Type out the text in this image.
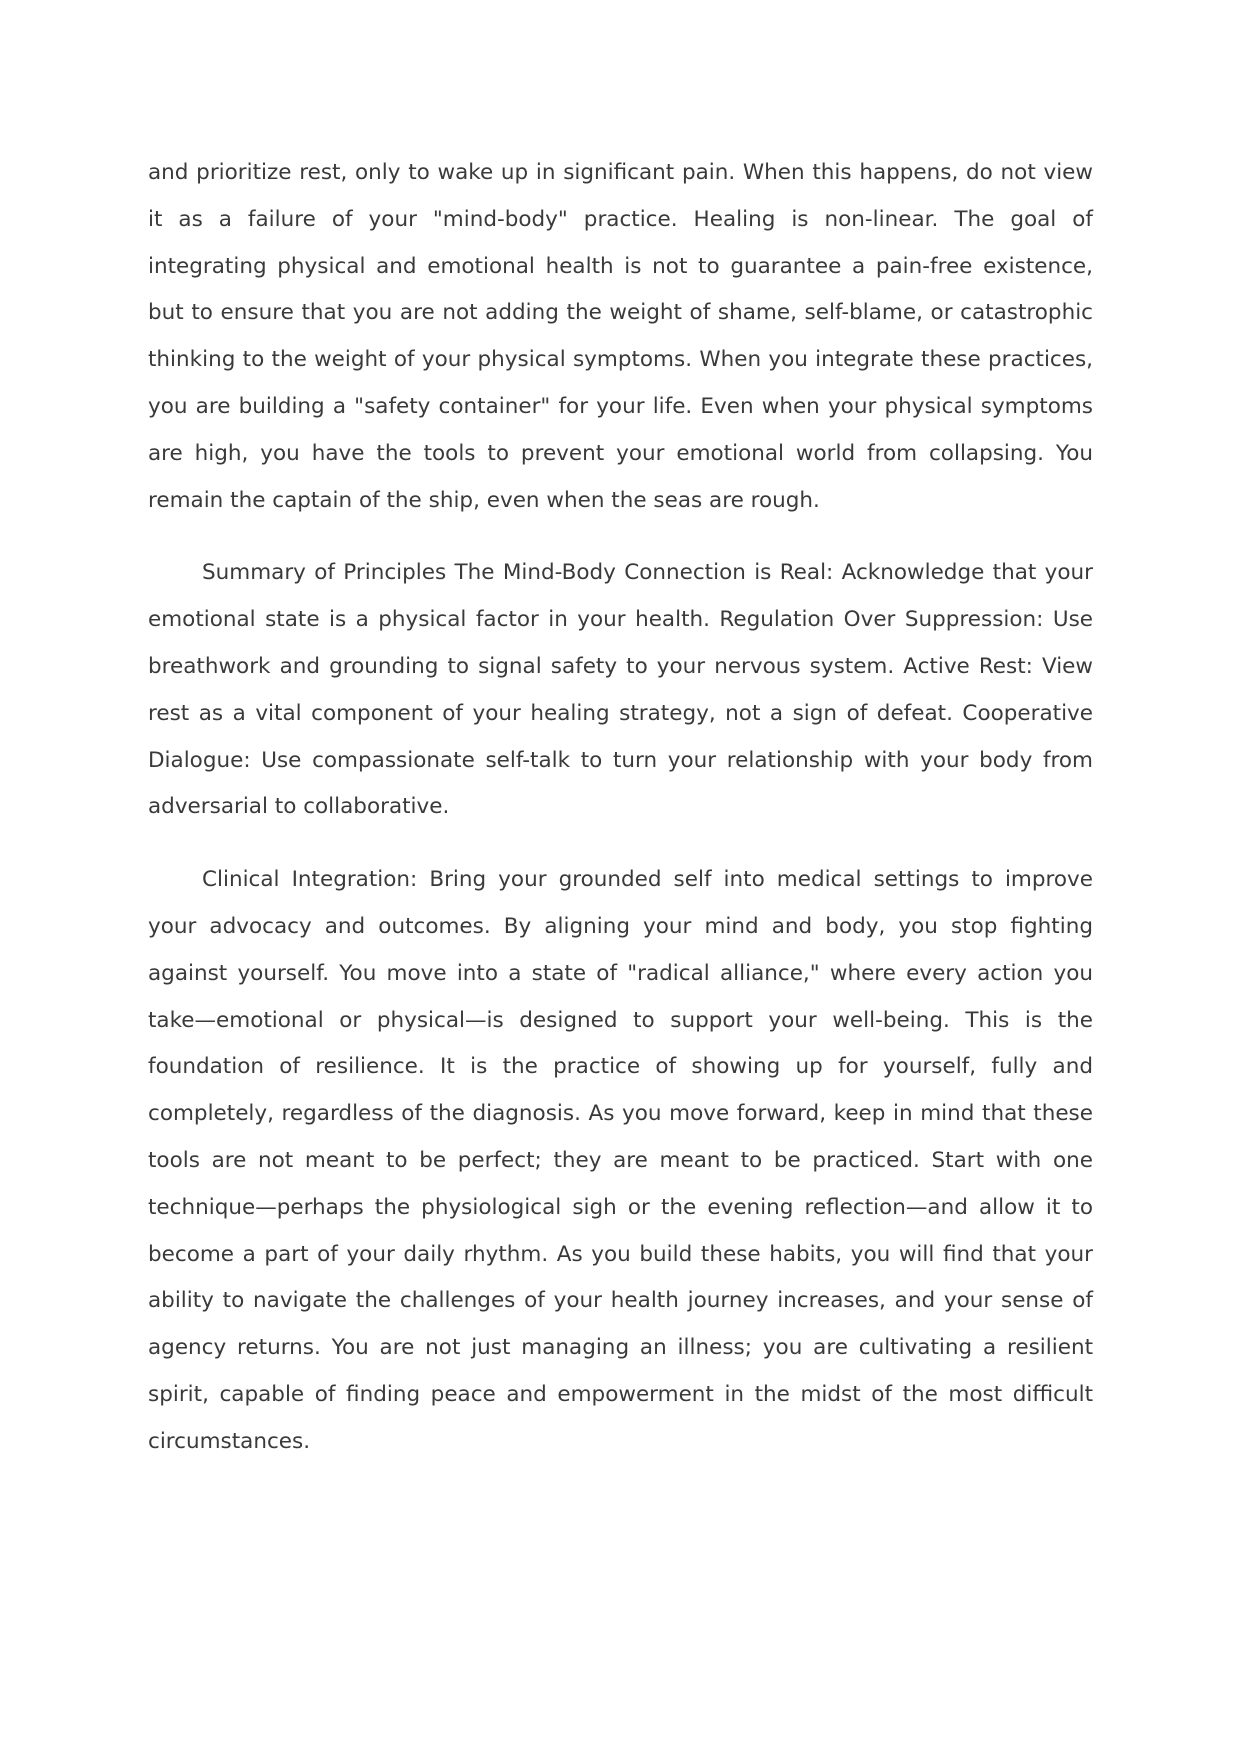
and prioritize rest, only to wake up in significant pain. When this happens, do not view it as a failure of your "mind-body" practice. Healing is non-linear. The goal of integrating physical and emotional health is not to guarantee a pain-free existence, but to ensure that you are not adding the weight of shame, self-blame, or catastrophic thinking to the weight of your physical symptoms. When you integrate these practices, you are building a "safety container" for your life. Even when your physical symptoms are high, you have the tools to prevent your emotional world from collapsing. You remain the captain of the ship, even when the seas are rough.

Summary of Principles The Mind-Body Connection is Real: Acknowledge that your emotional state is a physical factor in your health. Regulation Over Suppression: Use breathwork and grounding to signal safety to your nervous system. Active Rest: View rest as a vital component of your healing strategy, not a sign of defeat. Cooperative Dialogue: Use compassionate self-talk to turn your relationship with your body from adversarial to collaborative.

Clinical Integration: Bring your grounded self into medical settings to improve your advocacy and outcomes. By aligning your mind and body, you stop fighting against yourself. You move into a state of "radical alliance," where every action you take—emotional or physical—is designed to support your well-being. This is the foundation of resilience. It is the practice of showing up for yourself, fully and completely, regardless of the diagnosis. As you move forward, keep in mind that these tools are not meant to be perfect; they are meant to be practiced. Start with one technique—perhaps the physiological sigh or the evening reflection—and allow it to become a part of your daily rhythm. As you build these habits, you will find that your ability to navigate the challenges of your health journey increases, and your sense of agency returns. You are not just managing an illness; you are cultivating a resilient spirit, capable of finding peace and empowerment in the midst of the most difficult circumstances.
